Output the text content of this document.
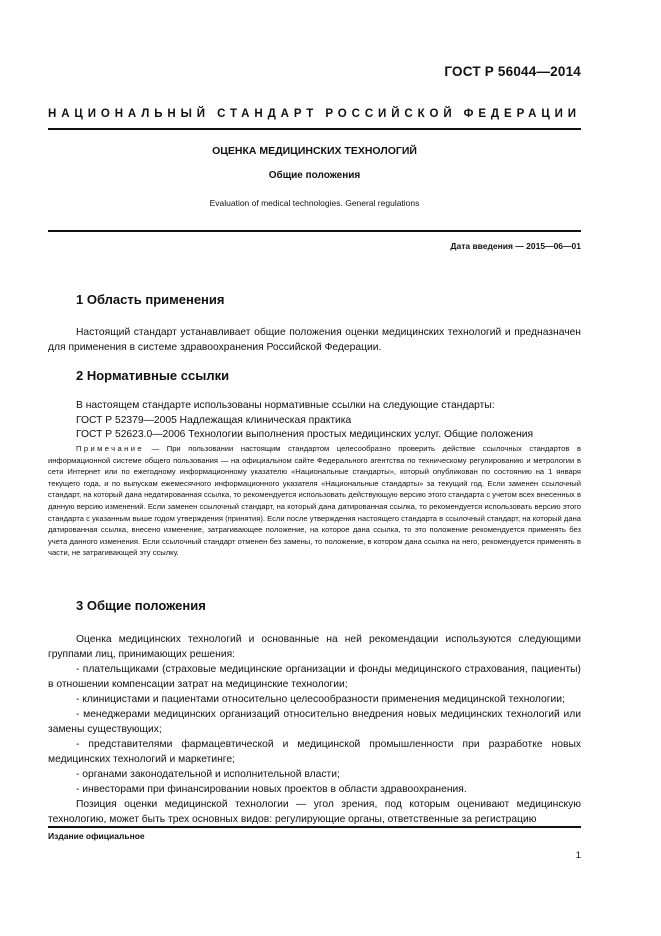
ГОСТ Р 56044—2014
НАЦИОНАЛЬНЫЙ СТАНДАРТ РОССИЙСКОЙ ФЕДЕРАЦИИ
ОЦЕНКА МЕДИЦИНСКИХ ТЕХНОЛОГИЙ
Общие положения
Evaluation of medical technologies. General regulations
Дата введения — 2015—06—01
1 Область применения

Настоящий стандарт устанавливает общие положения оценки медицинских технологий и предназначен для применения в системе здравоохранения Российской Федерации.

2 Нормативные ссылки
В настоящем стандарте использованы нормативные ссылки на следующие стандарты:
ГОСТ Р 52379—2005 Надлежащая клиническая практика
ГОСТ Р 52623.0—2006 Технологии выполнения простых медицинских услуг. Общие положения

Примечание — При пользовании настоящим стандартом целесообразно проверить действие ссылочных стандартов в информационной системе общего пользования — на официальном сайте Федерального агентства по техническому регулированию и метрологии в сети Интернет или по ежегодному информационному указателю «Национальные стандарты», который опубликован по состоянию на 1 января текущего года, и по выпускам ежемесячного информационного указателя «Национальные стандарты» за текущий год. Если заменен ссылочный стандарт, на который дана недатированная ссылка, то рекомендуется использовать действующую версию этого стандарта с учетом всех внесенных в данную версию изменений. Если заменен ссылочный стандарт, на который дана датированная ссылка, то рекомендуется использовать версию этого стандарта с указанным выше годом утверждения (принятия). Если после утверждения настоящего стандарта в ссылочный стандарт, на который дана датированная ссылка, внесено изменение, затрагивающее положение, на которое дана ссылка, то это положение рекомендуется применять без учета данного изменения. Если ссылочный стандарт отменен без замены, то положение, в котором дана ссылка на него, рекомендуется применять в части, не затрагивающей эту ссылку.

3 Общие положения

Оценка медицинских технологий и основанные на ней рекомендации используются следующими группами лиц, принимающих решения:

- плательщиками (страховые медицинские организации и фонды медицинского страхования, пациенты) в отношении компенсации затрат на медицинские технологии;

- клиницистами и пациентами относительно целесообразности применения медицинской технологии;

- менеджерами медицинских организаций относительно внедрения новых медицинских технологий или замены существующих;

- представителями фармацевтической и медицинской промышленности при разработке новых медицинских технологий и маркетинге;

- органами законодательной и исполнительной власти;

- инвесторами при финансировании новых проектов в области здравоохранения.

Позиция оценки медицинской технологии — угол зрения, под которым оценивают медицинскую технологию, может быть трех основных видов: регулирующие органы, ответственные за регистрацию

Издание официальное
1
